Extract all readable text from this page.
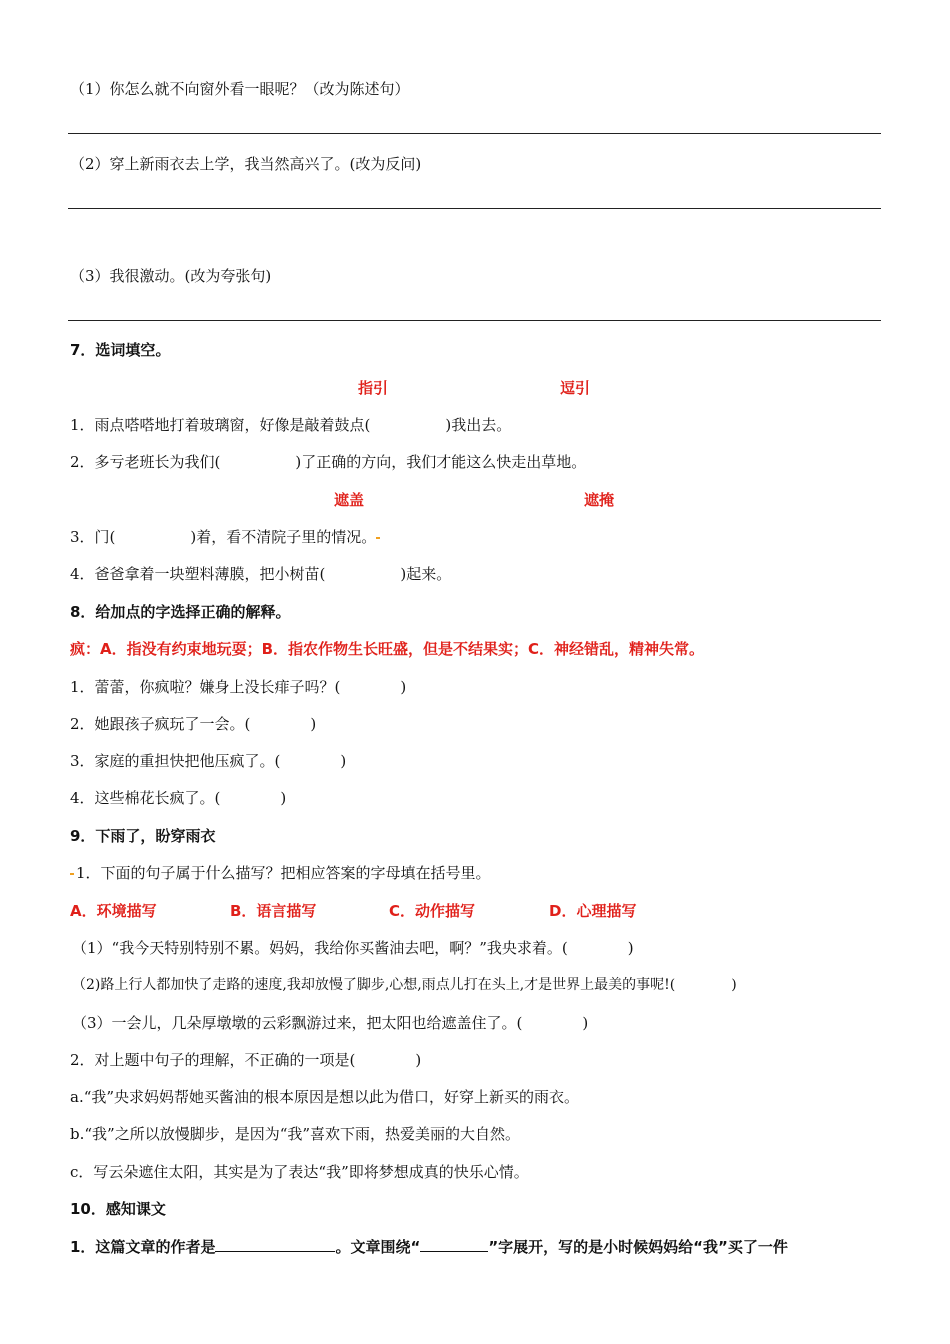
（1）你怎么就不向窗外看一眼呢？（改为陈述句）
（2）穿上新雨衣去上学，我当然高兴了。(改为反问)
（3）我很激动。(改为夸张句)
7．选词填空。
指引	逗引
1．雨点嗒嗒地打着玻璃窗，好像是敲着鼓点(　　　　　)我出去。
2．多亏老班长为我们(　　　　　)了正确的方向，我们才能这么快走出草地。
遮盖	遮掩
3．门(　　　　　)着，看不清院子里的情况。
4．爸爸拿着一块塑料薄膜，把小树苗(　　　　　)起来。
8．给加点的字选择正确的解释。
疯：A．指没有约束地玩耍；B．指农作物生长旺盛，但是不结果实；C．神经错乱，精神失常。
1．蕾蕾，你疯啦？嫌身上没长痱子吗？(　　　　)
2．她跟孩子疯玩了一会。(　　　　)
3．家庭的重担快把他压疯了。(　　　　)
4．这些棉花长疯了。(　　　　)
9．下雨了，盼穿雨衣
1．下面的句子属于什么描写？把相应答案的字母填在括号里。
A．环境描写	B．语言描写	C．动作描写	D．心理描写
（1）“我今天特别特别不累。妈妈，我给你买酱油去吧，啊？”我央求着。(　　　　)
（2)路上行人都加快了走路的速度,我却放慢了脚步,心想,雨点儿打在头上,才是世界上最美的事呢!(　　　　)
（3）一会儿，几朵厚墩墩的云彩飘游过来，把太阳也给遮盖住了。(　　　　)
2．对上题中句子的理解，不正确的一项是(　　　　)
a.“我”央求妈妈帮她买酱油的根本原因是想以此为借口，好穿上新买的雨衣。
b.“我”之所以放慢脚步，是因为“我”喜欢下雨，热爱美丽的大自然。
c．写云朵遮住太阳，其实是为了表达“我”即将梦想成真的快乐心情。
10．感知课文
1．这篇文章的作者是	。文章围绕“	”字展开，写的是小时候妈妈给“我”买了一件
